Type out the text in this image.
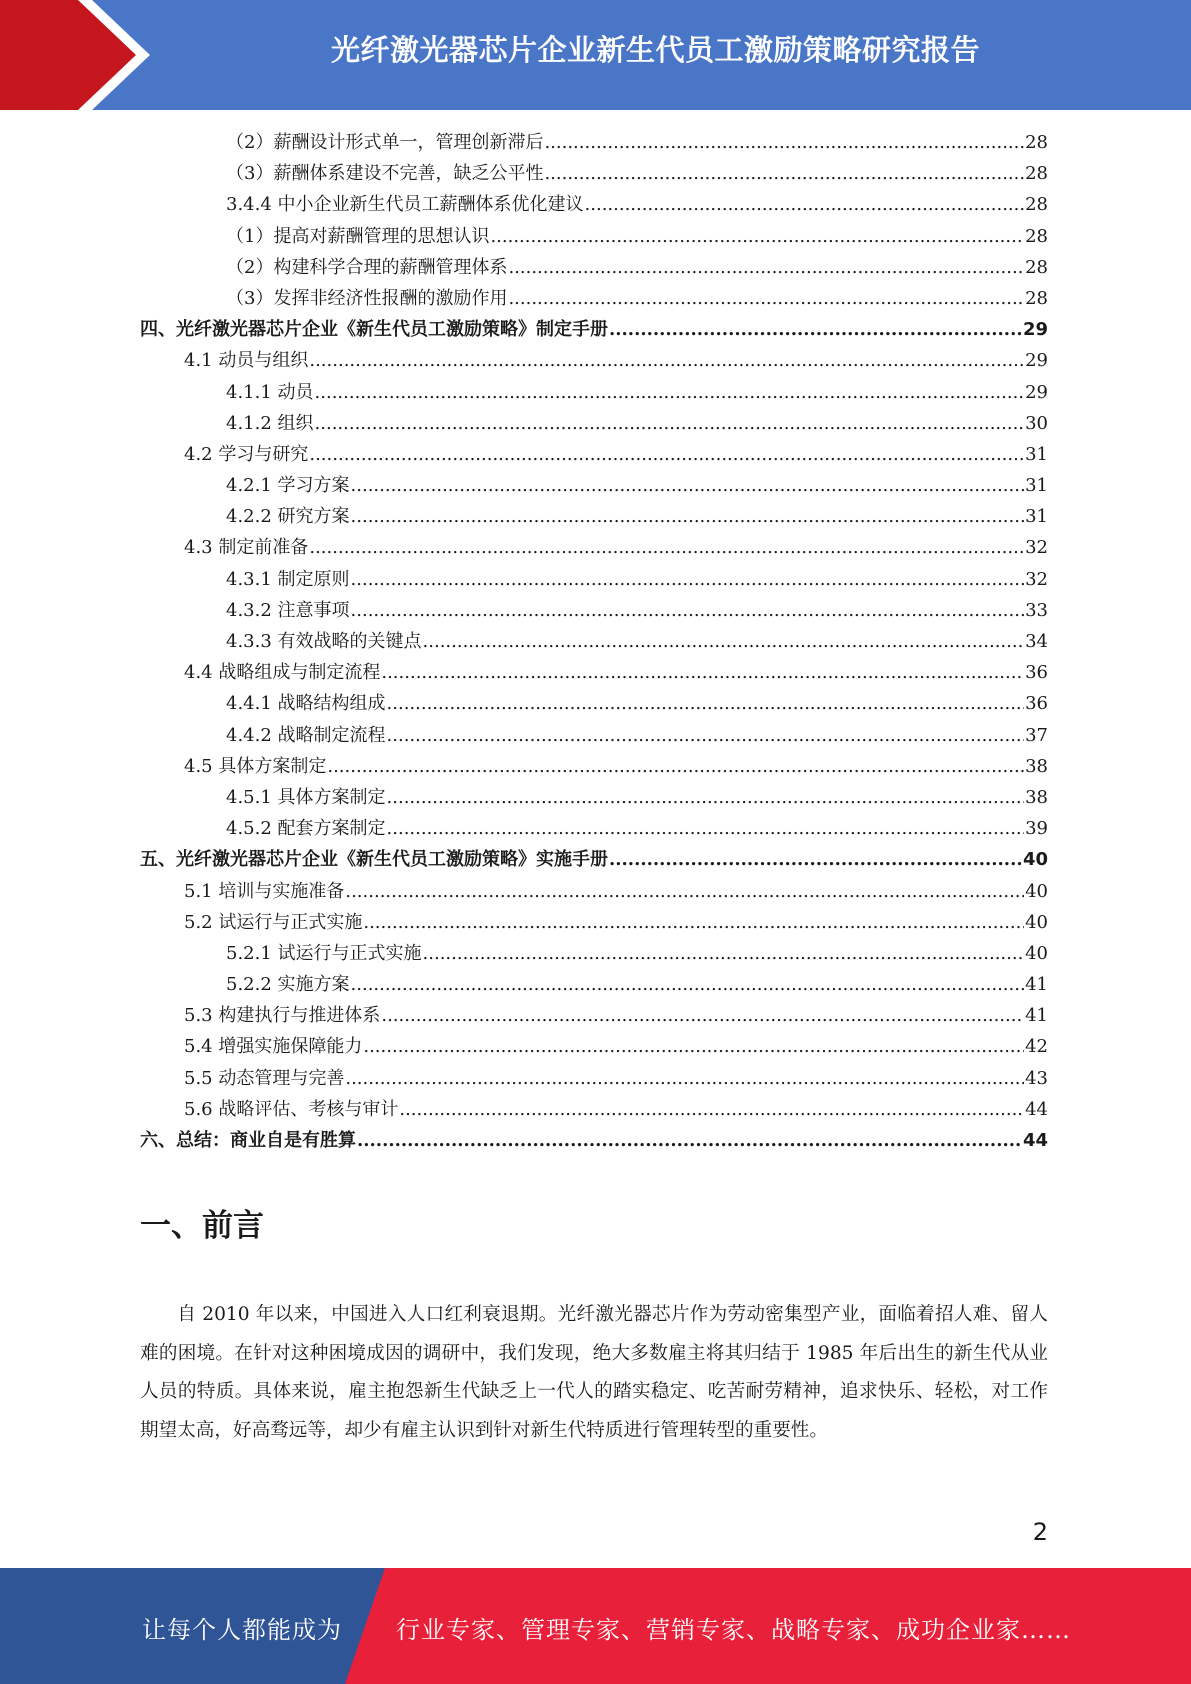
光纤激光器芯片企业新生代员工激励策略研究报告
（2）薪酬设计形式单一，管理创新滞后 .....	28
（3）薪酬体系建设不完善，缺乏公平性 .....	28
3.4.4 中小企业新生代员工薪酬体系优化建议 .....	28
（1）提高对薪酬管理的思想认识 .....	28
（2）构建科学合理的薪酬管理体系 .....	28
（3）发挥非经济性报酬的激励作用 .....	28
四、光纤激光器芯片企业《新生代员工激励策略》制定手册 .....	29
4.1 动员与组织 .....	29
4.1.1 动员 .....	29
4.1.2 组织 .....	30
4.2 学习与研究 .....	31
4.2.1 学习方案 .....	31
4.2.2 研究方案 .....	31
4.3 制定前准备 .....	32
4.3.1 制定原则 .....	32
4.3.2 注意事项 .....	33
4.3.3 有效战略的关键点 .....	34
4.4 战略组成与制定流程 .....	36
4.4.1 战略结构组成 .....	36
4.4.2 战略制定流程 .....	37
4.5 具体方案制定 .....	38
4.5.1 具体方案制定 .....	38
4.5.2 配套方案制定 .....	39
五、光纤激光器芯片企业《新生代员工激励策略》实施手册 .....	40
5.1 培训与实施准备 .....	40
5.2 试运行与正式实施 .....	40
5.2.1 试运行与正式实施 .....	40
5.2.2 实施方案 .....	41
5.3 构建执行与推进体系 .....	41
5.4 增强实施保障能力 .....	42
5.5 动态管理与完善 .....	43
5.6 战略评估、考核与审计 .....	44
六、总结：商业自是有胜算 .....	44
一、前言
自 2010 年以来，中国进入人口红利衰退期。光纤激光器芯片作为劳动密集型产业，面临着招人难、留人难的困境。在针对这种困境成因的调研中，我们发现，绝大多数雇主将其归结于 1985 年后出生的新生代从业人员的特质。具体来说，雇主抱怨新生代缺乏上一代人的踏实稳定、吃苦耐劳精神，追求快乐、轻松，对工作期望太高，好高骛远等，却少有雇主认识到针对新生代特质进行管理转型的重要性。
2
让每个人都能成为 行业专家、管理专家、营销专家、战略专家、成功企业家……
